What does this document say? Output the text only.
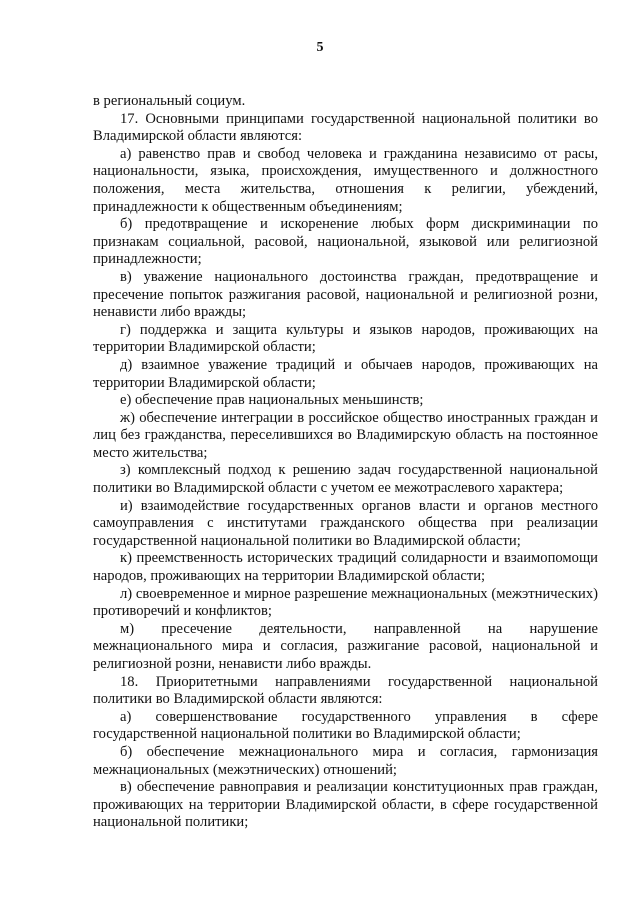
5

в региональный социум.

17. Основными принципами государственной национальной политики во Владимирской области являются:

а) равенство прав и свобод человека и гражданина независимо от расы, национальности, языка, происхождения, имущественного и должностного положения, места жительства, отношения к религии, убеждений, принадлежности к общественным объединениям;

б) предотвращение и искоренение любых форм дискриминации по признакам социальной, расовой, национальной, языковой или религиозной принадлежности;

в) уважение национального достоинства граждан, предотвращение и пресечение попыток разжигания расовой, национальной и религиозной розни, ненависти либо вражды;

г) поддержка и защита культуры и языков народов, проживающих на территории Владимирской области;

д) взаимное уважение традиций и обычаев народов, проживающих на территории Владимирской области;

е) обеспечение прав национальных меньшинств;

ж) обеспечение интеграции в российское общество иностранных граждан и лиц без гражданства, переселившихся во Владимирскую область на постоянное место жительства;

з) комплексный подход к решению задач государственной национальной политики во Владимирской области с учетом ее межотраслевого характера;

и) взаимодействие государственных органов власти и органов местного самоуправления с институтами гражданского общества при реализации государственной национальной политики во Владимирской области;

к) преемственность исторических традиций солидарности и взаимопомощи народов, проживающих на территории Владимирской области;

л) своевременное и мирное разрешение межнациональных (межэтнических) противоречий и конфликтов;

м) пресечение деятельности, направленной на нарушение межнационального мира и согласия, разжигание расовой, национальной и религиозной розни, ненависти либо вражды.

18. Приоритетными направлениями государственной национальной политики во Владимирской области являются:

а) совершенствование государственного управления в сфере государственной национальной политики во Владимирской области;

б) обеспечение межнационального мира и согласия, гармонизация межнациональных (межэтнических) отношений;

в) обеспечение равноправия и реализации конституционных прав граждан, проживающих на территории Владимирской области, в сфере государственной национальной политики;
